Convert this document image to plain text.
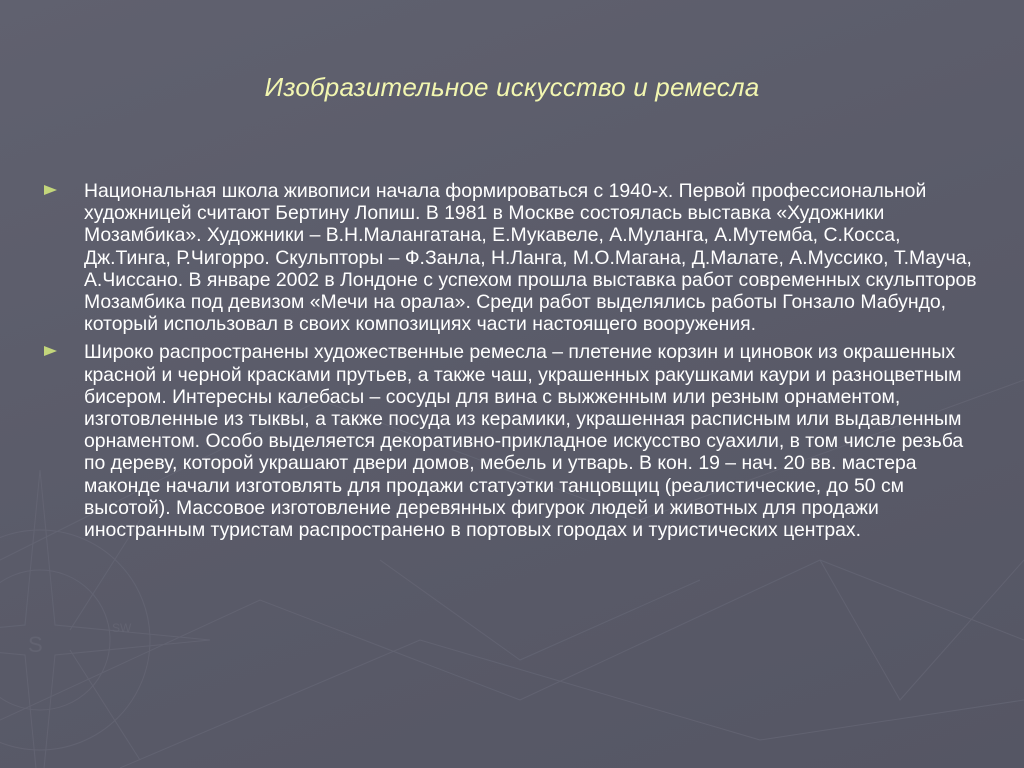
S
SW
Изобразительное искусство и ремесла
Национальная школа живописи начала формироваться с 1940-х. Первой профессиональной художницей считают Бертину Лопиш. В 1981 в Москве состоялась выставка «Художники Мозамбика». Художники – В.Н.Малангатана, Е.Мукавеле, А.Муланга, А.Мутемба, С.Косса, Дж.Тинга, Р.Чигорро. Скульпторы – Ф.Занла, Н.Ланга, М.О.Магана, Д.Малате, А.Муссико, Т.Мауча, А.Чиссано. В январе 2002 в Лондоне с успехом прошла выставка работ современных скульпторов Мозамбика под девизом «Мечи на орала». Среди работ выделялись работы Гонзало Мабундо, который использовал в своих композициях части настоящего вооружения.
Широко распространены художественные ремесла – плетение корзин и циновок из окрашенных красной и черной красками прутьев, а также чаш, украшенных ракушками каури и разноцветным бисером. Интересны калебасы – сосуды для вина с выжженным или резным орнаментом, изготовленные из тыквы, а также посуда из керамики, украшенная расписным или выдавленным орнаментом. Особо выделяется декоративно-прикладное искусство суахили, в том числе резьба по дереву, которой украшают двери домов, мебель и утварь. В кон. 19 – нач. 20 вв. мастера маконде начали изготовлять для продажи статуэтки танцовщиц (реалистические, до 50 см высотой). Массовое изготовление деревянных фигурок людей и животных для продажи иностранным туристам распространено в портовых городах и туристических центрах.
